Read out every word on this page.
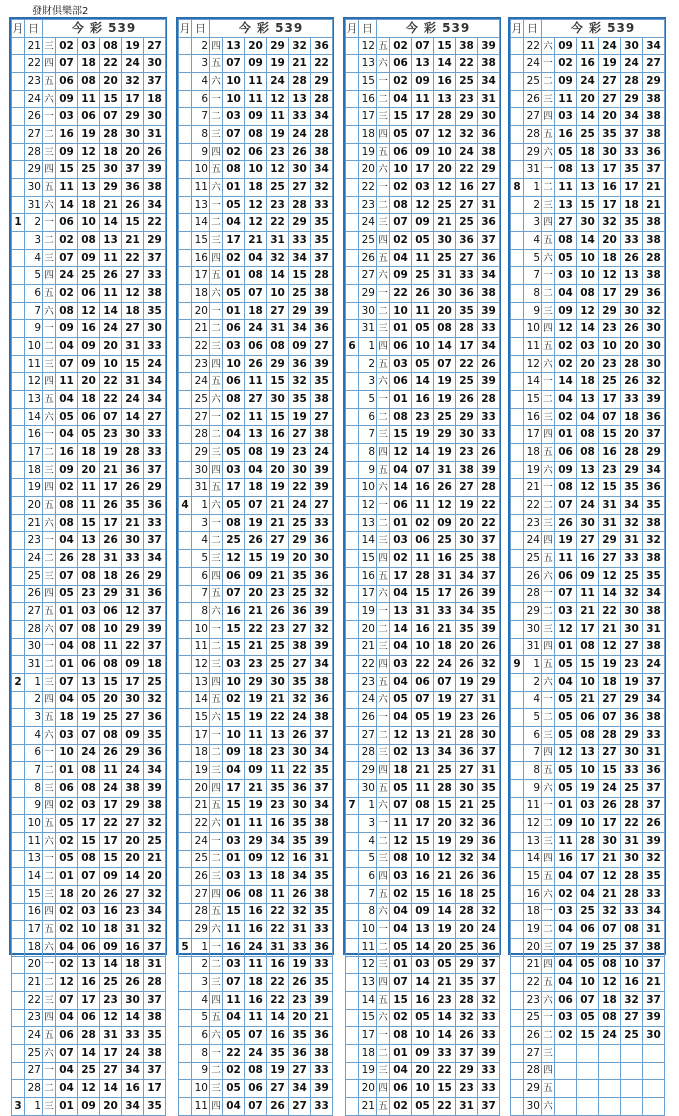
發財俱樂部2
月	日	今 彩 539					
	21	三	02	03	08	19	27
	22	四	07	18	22	24	30
	23	五	06	08	20	32	37
	24	六	09	11	15	17	18
	26	一	03	06	07	29	30
	27	二	16	19	28	30	31
	28	三	09	12	18	20	26
	29	四	15	25	30	37	39
	30	五	11	13	29	36	38
	31	六	14	18	21	26	34
1	2	一	06	10	14	15	22
	3	二	02	08	13	21	29
	4	三	07	09	11	22	37
	5	四	24	25	26	27	33
	6	五	02	06	11	12	38
	7	六	08	12	14	18	35
	9	一	09	16	24	27	30
	10	二	04	09	20	31	33
	11	三	07	09	10	15	24
	12	四	11	20	22	31	34
	13	五	04	18	22	24	34
	14	六	05	06	07	14	27
	16	一	04	05	23	30	33
	17	二	16	18	19	28	33
	18	三	09	20	21	36	37
	19	四	02	11	17	26	29
	20	五	08	11	26	35	36
	21	六	08	15	17	21	33
	23	一	04	13	26	30	37
	24	二	26	28	31	33	34
	25	三	07	08	18	26	29
	26	四	05	23	29	31	36
	27	五	01	03	06	12	37
	28	六	07	08	10	29	39
	30	一	04	08	11	22	37
	31	二	01	06	08	09	18
2	1	三	07	13	15	17	25
	2	四	04	05	20	30	32
	3	五	18	19	25	27	36
	4	六	03	07	08	09	35
	6	一	10	24	26	29	36
	7	二	01	08	11	24	34
	8	三	06	08	24	38	39
	9	四	02	03	17	29	38
	10	五	05	17	22	27	32
	11	六	02	15	17	20	25
	13	一	05	08	15	20	21
	14	二	01	07	09	14	20
	15	三	18	20	26	27	32
	16	四	02	03	16	23	34
	17	五	02	10	18	31	32
	18	六	04	06	09	16	37
	20	一	02	13	14	18	31
	21	二	12	16	25	26	28
	22	三	07	17	23	30	37
	23	四	04	06	12	14	38
	24	五	06	28	31	33	35
	25	六	07	14	17	24	38
	27	一	04	25	27	34	37
	28	二	04	12	14	16	17
3	1	三	01	09	20	34	35
月	日	今 彩 539					
	2	四	13	20	29	32	36
	3	五	07	09	19	21	22
	4	六	10	11	24	28	29
	6	一	10	11	12	13	28
	7	二	03	09	11	33	34
	8	三	07	08	19	24	28
	9	四	02	06	23	26	38
	10	五	08	10	12	30	34
	11	六	01	18	25	27	32
	13	一	05	12	23	28	33
	14	二	04	12	22	29	35
	15	三	17	21	31	33	35
	16	四	02	04	32	34	37
	17	五	01	08	14	15	28
	18	六	05	07	10	25	38
	20	一	01	18	27	29	39
	21	二	06	24	31	34	36
	22	三	03	06	08	09	27
	23	四	10	26	29	36	39
	24	五	06	11	15	32	35
	25	六	08	27	30	35	38
	27	一	02	11	15	19	27
	28	二	04	13	16	27	38
	29	三	05	08	19	23	24
	30	四	03	04	20	30	39
	31	五	17	18	19	22	39
4	1	六	05	07	21	24	27
	3	一	08	19	21	25	33
	4	二	25	26	27	29	36
	5	三	12	15	19	20	30
	6	四	06	09	21	35	36
	7	五	07	20	23	25	32
	8	六	16	21	26	36	39
	10	一	15	22	23	27	32
	11	二	15	21	25	38	39
	12	三	03	23	25	27	34
	13	四	10	29	30	35	38
	14	五	02	19	21	32	36
	15	六	15	19	22	24	38
	17	一	10	11	13	26	37
	18	二	09	18	23	30	34
	19	三	04	09	11	22	35
	20	四	17	21	35	36	37
	21	五	15	19	23	30	34
	22	六	01	11	16	35	38
	24	一	03	29	34	35	39
	25	二	01	09	12	16	31
	26	三	03	13	18	34	35
	27	四	06	08	11	26	38
	28	五	15	16	22	32	35
	29	六	11	16	22	31	33
5	1	一	16	24	31	33	36
	2	二	03	11	16	19	33
	3	三	07	18	22	26	35
	4	四	11	16	22	23	39
	5	五	04	11	14	20	21
	6	六	05	07	16	35	36
	8	一	22	24	35	36	38
	9	二	02	08	19	27	33
	10	三	05	06	27	34	39
	11	四	04	07	26	27	33
月	日	今 彩 539					
	12	五	02	07	15	38	39
	13	六	06	13	14	22	38
	15	一	02	09	16	25	34
	16	二	04	11	13	23	31
	17	三	15	17	28	29	30
	18	四	05	07	12	32	36
	19	五	06	09	10	24	38
	20	六	10	17	20	22	29
	22	一	02	03	12	16	27
	23	二	08	12	25	27	31
	24	三	07	09	21	25	36
	25	四	02	05	30	36	37
	26	五	04	11	25	27	36
	27	六	09	25	31	33	34
	29	一	22	26	30	36	38
	30	二	10	11	20	35	39
	31	三	01	05	08	28	33
6	1	四	06	10	14	17	34
	2	五	03	05	07	22	26
	3	六	06	14	19	25	39
	5	一	01	16	19	26	28
	6	二	08	23	25	29	33
	7	三	15	19	29	30	33
	8	四	12	14	19	23	26
	9	五	04	07	31	38	39
	10	六	14	16	26	27	28
	12	一	06	11	12	19	22
	13	二	01	02	09	20	22
	14	三	03	06	25	30	37
	15	四	02	11	16	25	38
	16	五	17	28	31	34	37
	17	六	04	15	17	26	39
	19	一	13	31	33	34	35
	20	二	14	16	21	35	39
	21	三	04	10	18	20	26
	22	四	03	22	24	26	32
	23	五	04	06	07	19	29
	24	六	05	07	19	27	31
	26	一	04	05	19	23	26
	27	二	12	13	21	28	30
	28	三	02	13	34	36	37
	29	四	18	21	25	27	31
	30	五	05	11	28	30	35
7	1	六	07	08	15	21	25
	3	一	11	17	20	32	36
	4	二	12	15	19	29	36
	5	三	08	10	12	32	34
	6	四	03	16	21	26	36
	7	五	02	15	16	18	25
	8	六	04	09	14	28	32
	10	一	04	13	19	20	24
	11	二	05	14	20	25	36
	12	三	01	03	05	29	37
	13	四	07	14	21	35	37
	14	五	15	16	23	28	32
	15	六	02	05	14	32	33
	17	一	08	10	14	26	33
	18	二	01	09	33	37	39
	19	三	04	20	22	29	33
	20	四	06	10	15	23	33
	21	五	02	05	22	31	37
月	日	今 彩 539					
	22	六	09	11	24	30	34
	24	一	02	16	19	24	27
	25	二	09	24	27	28	29
	26	三	11	20	27	29	38
	27	四	03	14	20	34	38
	28	五	16	25	35	37	38
	29	六	05	18	30	33	36
	31	一	08	13	17	35	37
8	1	二	11	13	16	17	21
	2	三	13	15	17	18	21
	3	四	27	30	32	35	38
	4	五	08	14	20	33	38
	5	六	05	10	18	26	28
	7	一	03	10	12	13	38
	8	二	04	08	17	29	36
	9	三	09	12	29	30	32
	10	四	12	14	23	26	30
	11	五	02	03	10	20	30
	12	六	02	20	23	28	30
	14	一	14	18	25	26	32
	15	二	04	13	17	33	39
	16	三	02	04	07	18	36
	17	四	01	08	15	20	37
	18	五	06	08	16	28	29
	19	六	09	13	23	29	34
	21	一	08	12	15	35	36
	22	二	07	24	31	34	35
	23	三	26	30	31	32	38
	24	四	19	27	29	31	32
	25	五	11	16	27	33	38
	26	六	06	09	12	25	35
	28	一	07	11	14	32	34
	29	二	03	21	22	30	38
	30	三	12	17	21	30	31
	31	四	01	08	12	27	38
9	1	五	05	15	19	23	24
	2	六	04	10	18	19	37
	4	一	05	21	27	29	34
	5	二	05	06	07	36	38
	6	三	05	08	28	29	33
	7	四	12	13	27	30	31
	8	五	05	10	15	33	36
	9	六	05	19	24	25	37
	11	一	01	03	26	28	37
	12	二	09	10	17	22	26
	13	三	11	28	30	31	39
	14	四	16	17	21	30	32
	15	五	04	07	12	28	35
	16	六	02	04	21	28	33
	18	一	03	25	32	33	34
	19	二	04	06	07	08	31
	20	三	07	19	25	37	38
	21	四	04	05	08	10	37
	22	五	04	10	12	16	21
	23	六	06	07	18	32	37
	25	一	03	05	08	27	39
	26	二	02	15	24	25	30
	27	三					
	28	四					
	29	五					
	30	六					
